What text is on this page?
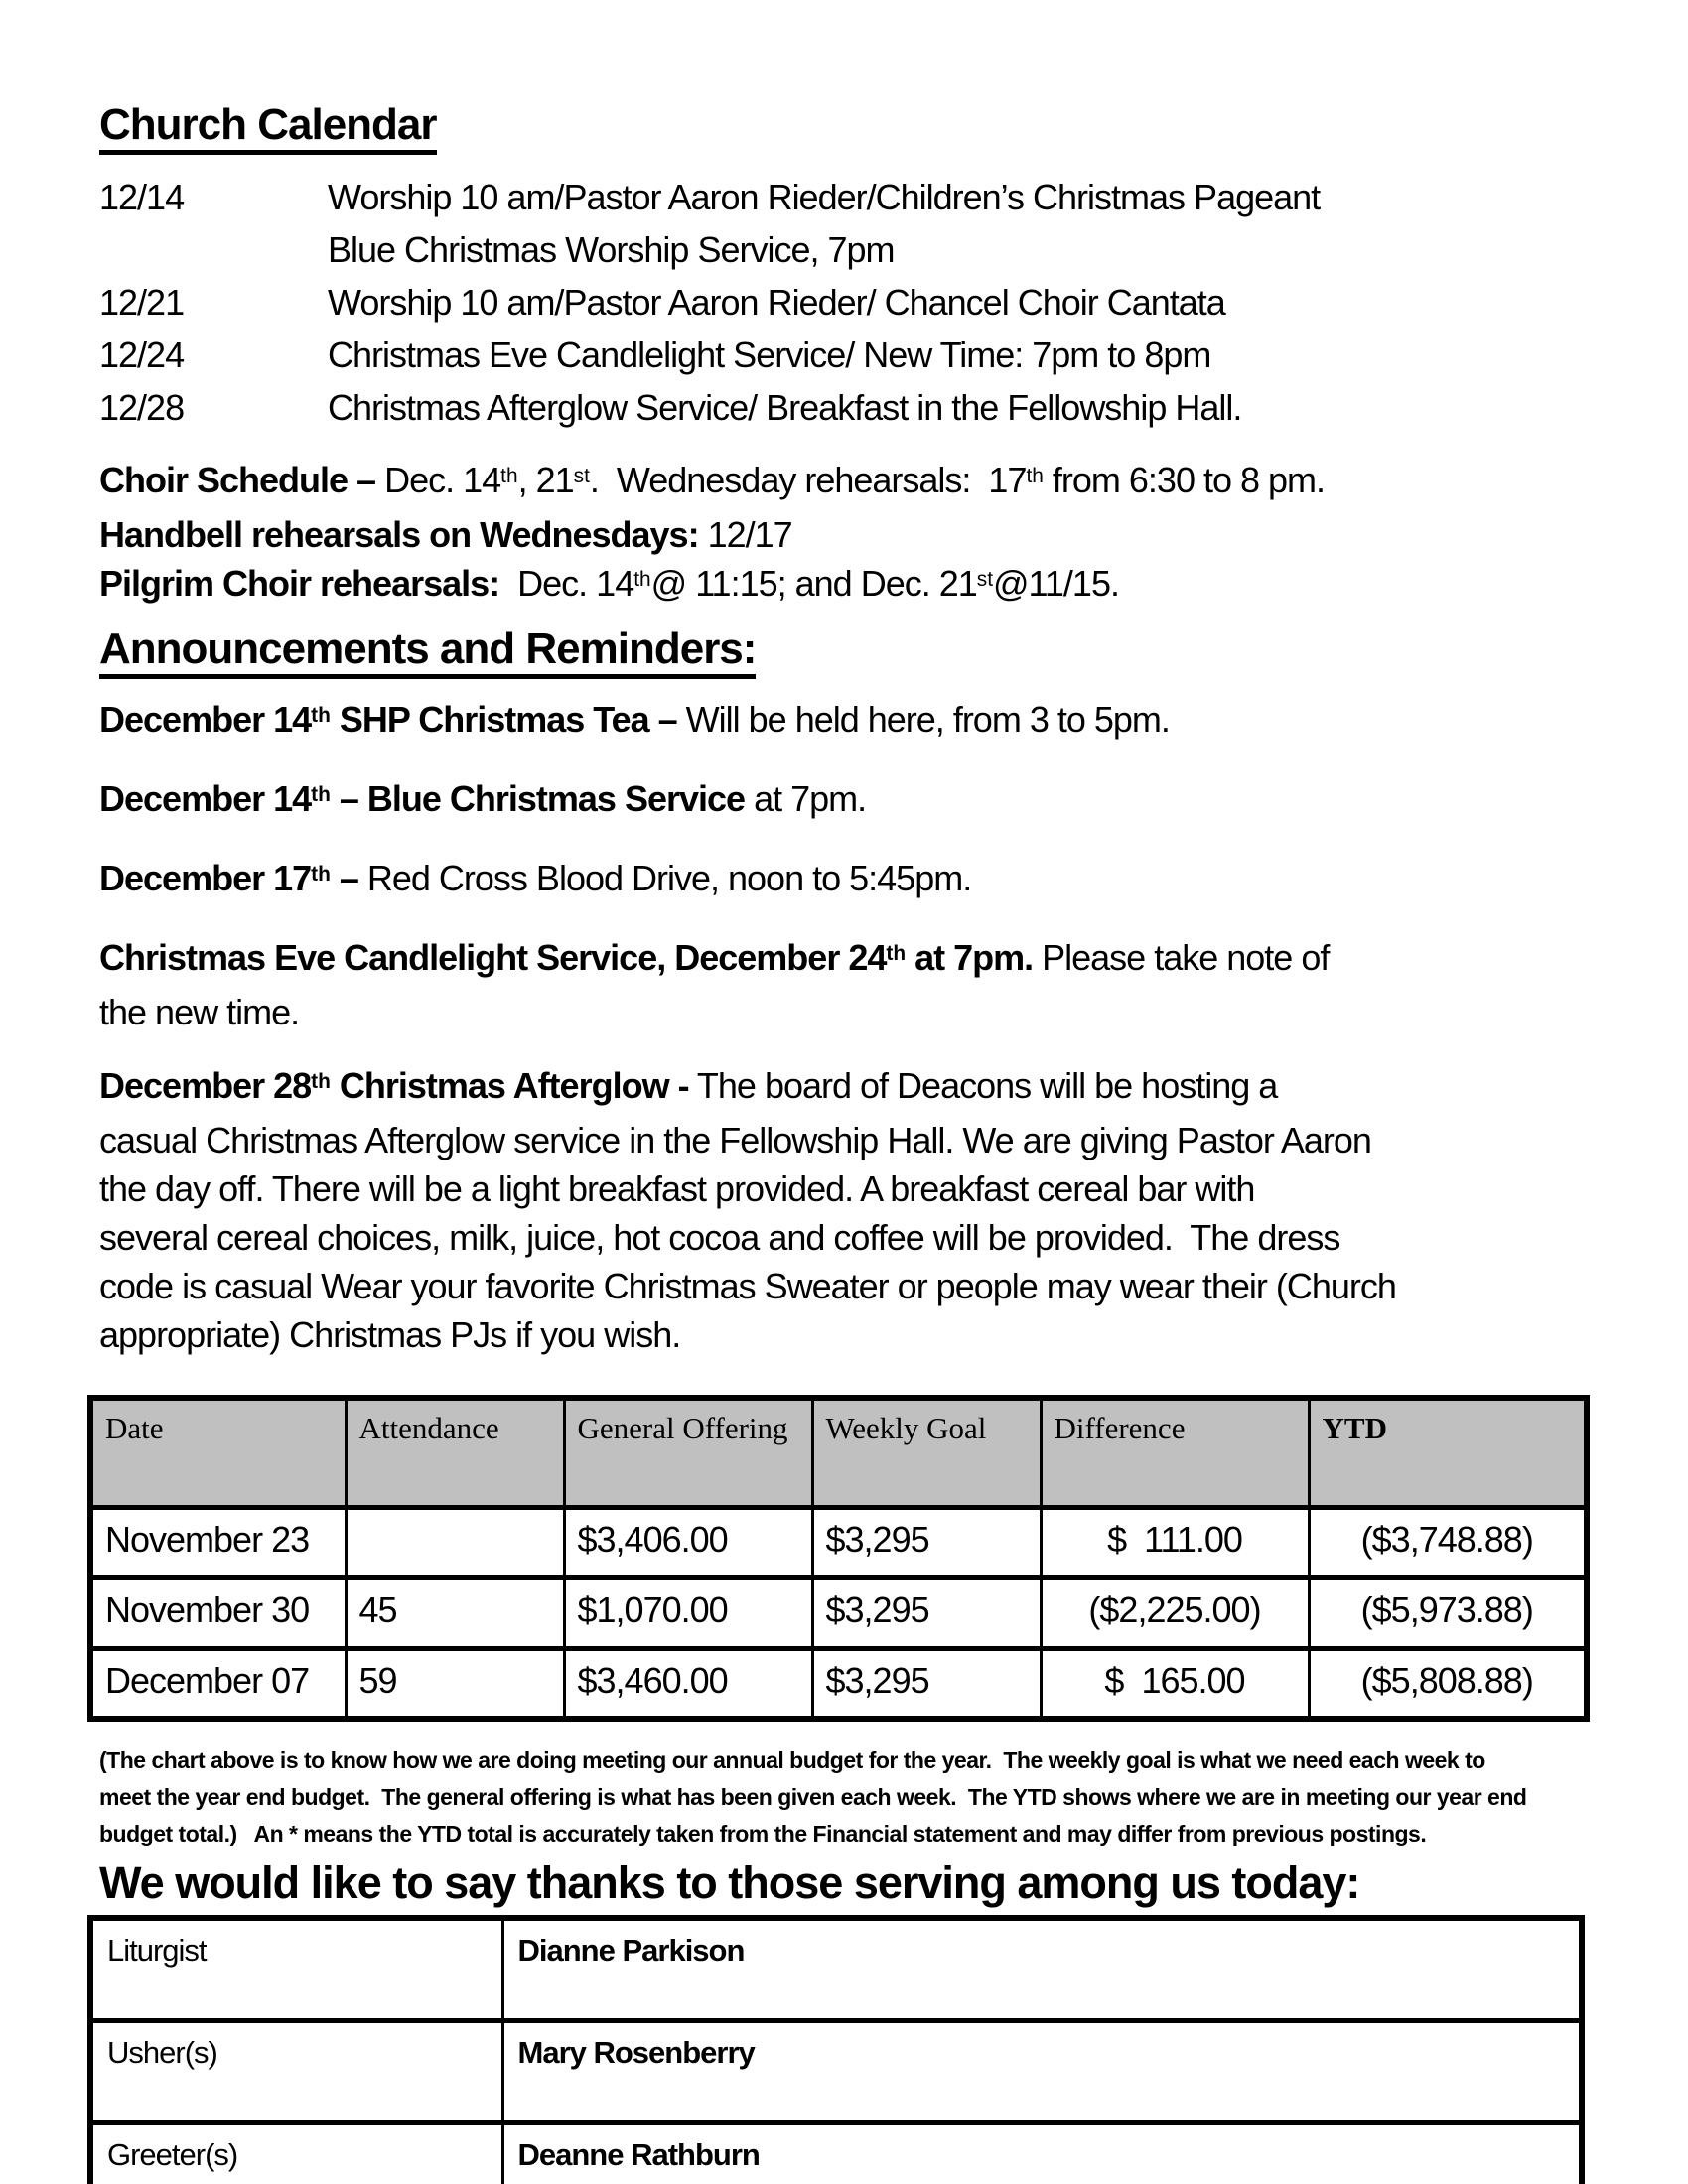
Church Calendar
12/14	Worship 10 am/Pastor Aaron Rieder/Children’s Christmas Pageant
Blue Christmas Worship Service, 7pm
12/21	Worship 10 am/Pastor Aaron Rieder/ Chancel Choir Cantata
12/24	Christmas Eve Candlelight Service/ New Time: 7pm to 8pm
12/28	Christmas Afterglow Service/ Breakfast in the Fellowship Hall.
Choir Schedule – Dec. 14th, 21st.  Wednesday rehearsals:  17th from 6:30 to 8 pm.
Handbell rehearsals on Wednesdays: 12/17
Pilgrim Choir rehearsals:  Dec. 14th@ 11:15; and Dec. 21st@11/15.
Announcements and Reminders:
December 14th SHP Christmas Tea – Will be held here, from 3 to 5pm.
December 14th – Blue Christmas Service at 7pm.
December 17th – Red Cross Blood Drive, noon to 5:45pm.
Christmas Eve Candlelight Service, December 24th at 7pm. Please take note of
the new time.
December 28th Christmas Afterglow - The board of Deacons will be hosting a
casual Christmas Afterglow service in the Fellowship Hall. We are giving Pastor Aaron
the day off. There will be a light breakfast provided. A breakfast cereal bar with
several cereal choices, milk, juice, hot cocoa and coffee will be provided.  The dress
code is casual Wear your favorite Christmas Sweater or people may wear their (Church
appropriate) Christmas PJs if you wish.
Date	Attendance	General Offering	Weekly Goal	Difference	YTD
November 23		$3,406.00	$3,295	$  111.00	($3,748.88)
November 30	45	$1,070.00	$3,295	($2,225.00)	($5,973.88)
December 07	59	$3,460.00	$3,295	$  165.00	($5,808.88)
(The chart above is to know how we are doing meeting our annual budget for the year.  The weekly goal is what we need each week to
meet the year end budget.  The general offering is what has been given each week.  The YTD shows where we are in meeting our year end
budget total.)   An * means the YTD total is accurately taken from the Financial statement and may differ from previous postings.
We would like to say thanks to those serving among us today:
Liturgist	Dianne Parkison
Usher(s)	Mary Rosenberry
Greeter(s)	Deanne Rathburn
